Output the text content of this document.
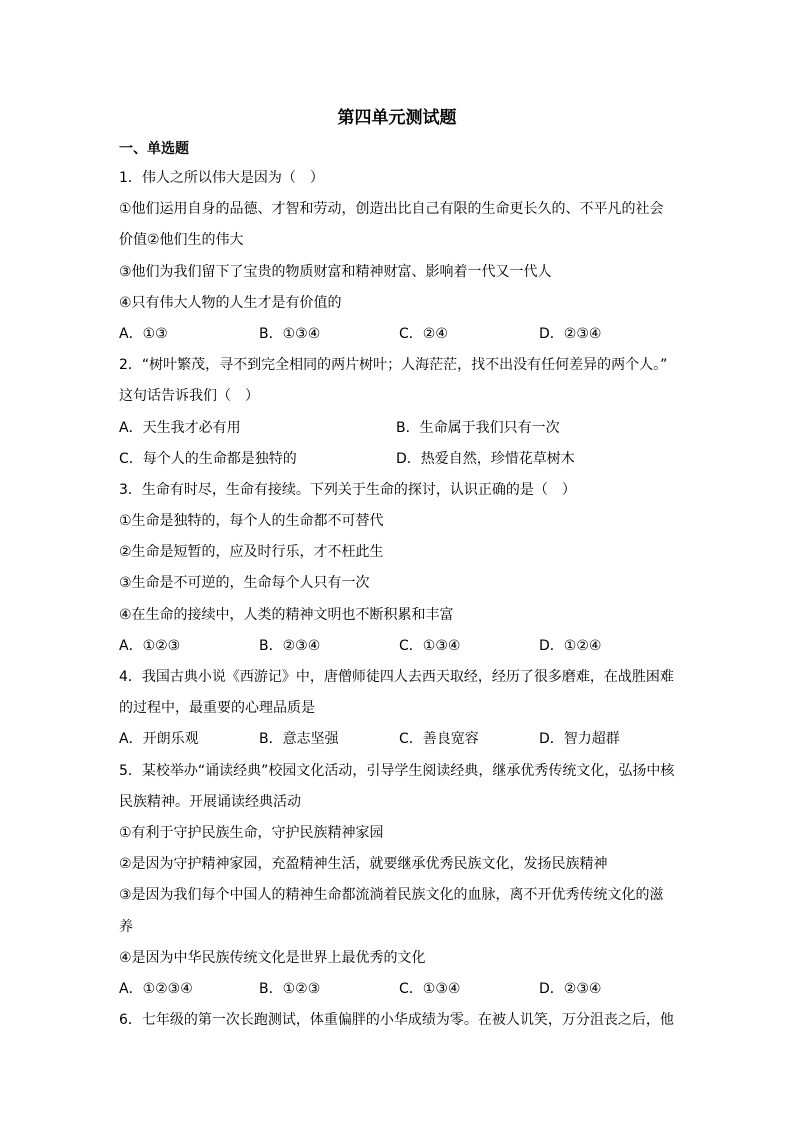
第四单元测试题
一、单选题
1．伟人之所以伟大是因为（　）
①他们运用自身的品德、才智和劳动，创造出比自己有限的生命更长久的、不平凡的社会
价值②他们生的伟大
③他们为我们留下了宝贵的物质财富和精神财富、影响着一代又一代人
④只有伟大人物的人生才是有价值的
A．①③	B．①③④	C．②④	D．②③④
2．“树叶繁茂，寻不到完全相同的两片树叶；人海茫茫，找不出没有任何差异的两个人。”
这句话告诉我们（　）
A．天生我才必有用	B．生命属于我们只有一次
C．每个人的生命都是独特的	D．热爱自然，珍惜花草树木
3．生命有时尽，生命有接续。下列关于生命的探讨，认识正确的是（　）
①生命是独特的，每个人的生命都不可替代
②生命是短暂的，应及时行乐，才不枉此生
③生命是不可逆的，生命每个人只有一次
④在生命的接续中，人类的精神文明也不断积累和丰富
A．①②③	B．②③④	C．①③④	D．①②④
4．我国古典小说《西游记》中，唐僧师徒四人去西天取经，经历了很多磨难，在战胜困难
的过程中，最重要的心理品质是
A．开朗乐观	B．意志坚强	C．善良宽容	D．智力超群
5．某校举办“诵读经典”校园文化活动，引导学生阅读经典，继承优秀传统文化，弘扬中核
民族精神。开展诵读经典活动
①有利于守护民族生命，守护民族精神家园
②是因为守护精神家园，充盈精神生活，就要继承优秀民族文化，发扬民族精神
③是因为我们每个中国人的精神生命都流淌着民族文化的血脉，离不开优秀传统文化的滋
养
④是因为中华民族传统文化是世界上最优秀的文化
A．①②③④	B．①②③	C．①③④	D．②③④
6．七年级的第一次长跑测试，体重偏胖的小华成绩为零。在被人讥笑，万分沮丧之后，他
